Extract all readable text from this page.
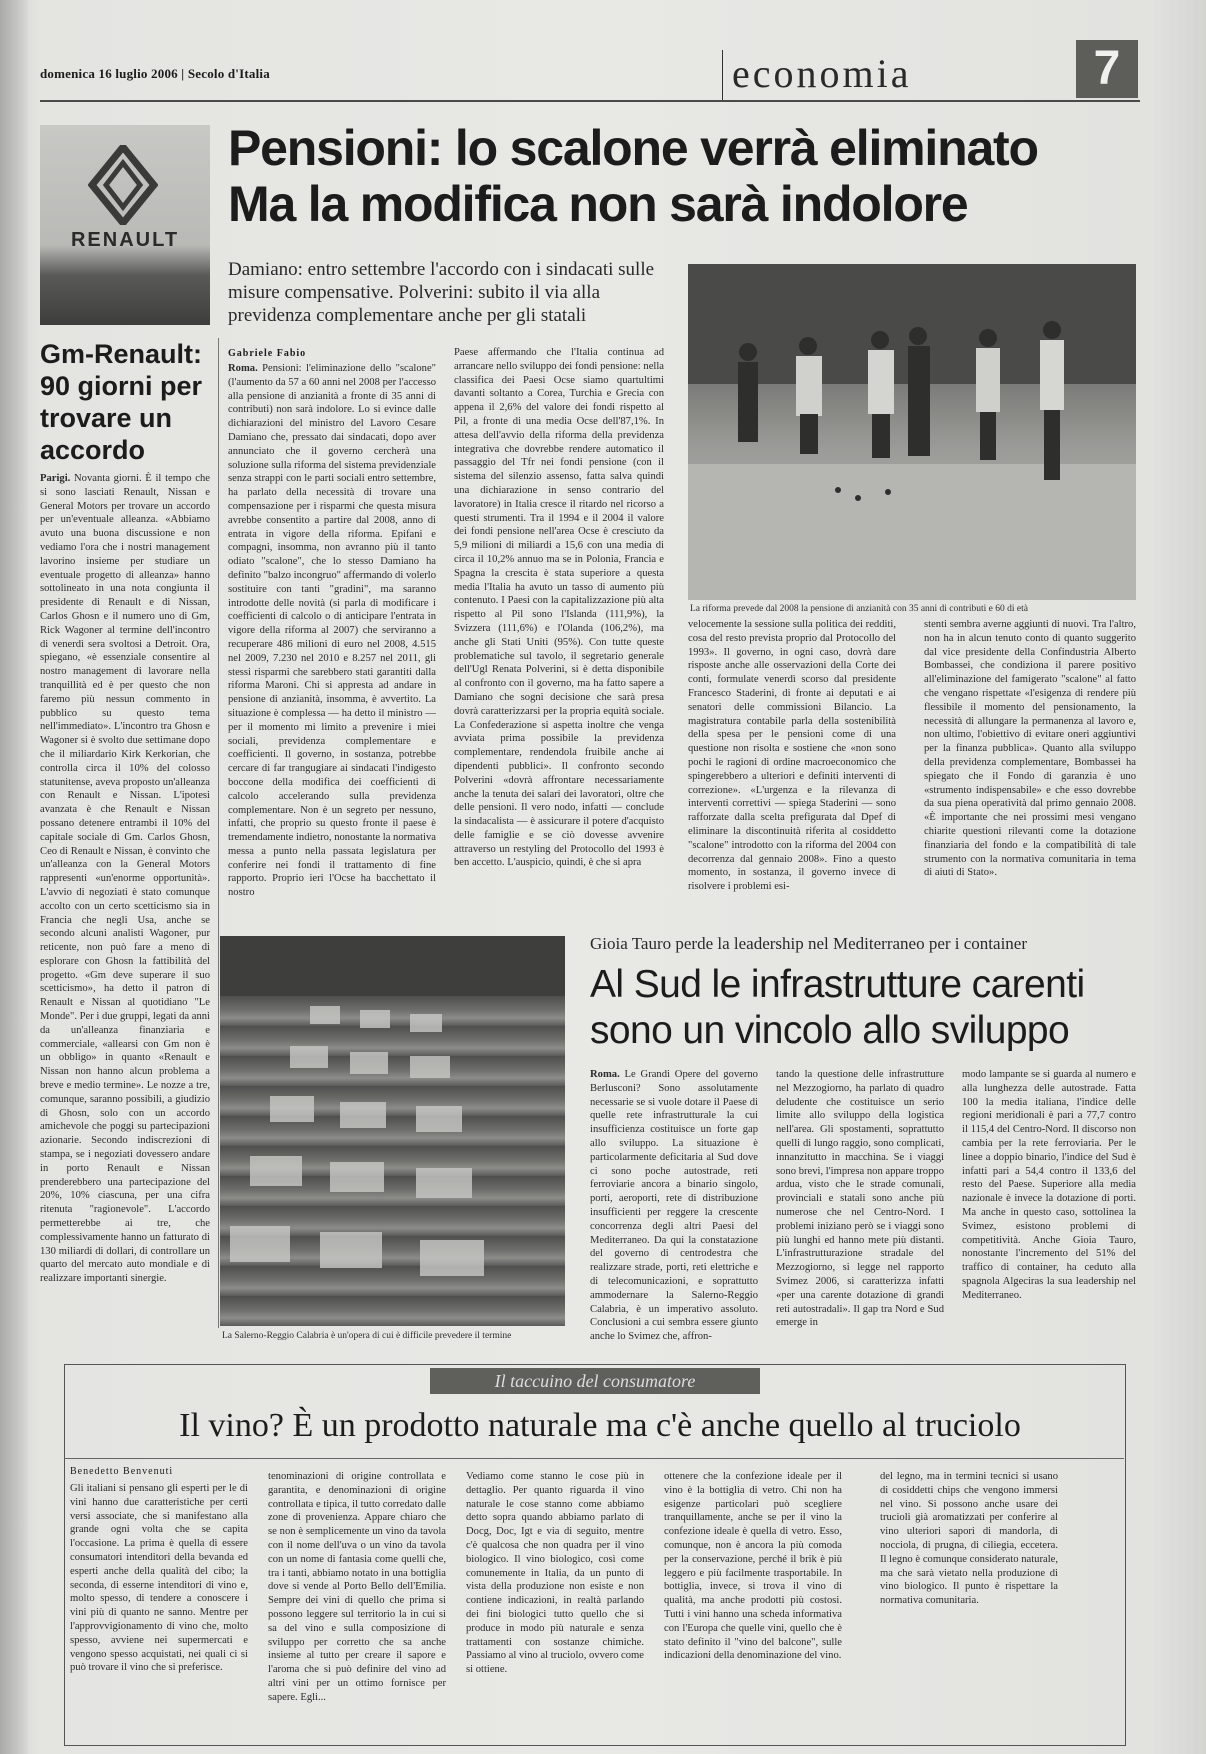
domenica 16 luglio 2006 | Secolo d'Italia	economia	7
RENAULT
Gm-Renault: 90 giorni per trovare un accordo
Parigi. Novanta giorni. È il tempo che si sono lasciati Renault, Nissan e General Motors per trovare un accordo per un'eventuale alleanza. «Abbiamo avuto una buona discussione e non vediamo l'ora che i nostri management lavorino insieme per studiare un eventuale progetto di alleanza» hanno sottolineato in una nota congiunta il presidente di Renault e di Nissan, Carlos Ghosn e il numero uno di Gm, Rick Wagoner al termine dell'incontro di venerdì sera svoltosi a Detroit. Ora, spiegano, «è essenziale consentire al nostro management di lavorare nella tranquillità ed è per questo che non faremo più nessun commento in pubblico su questo tema nell'immediato». L'incontro tra Ghosn e Wagoner si è svolto due settimane dopo che il miliardario Kirk Kerkorian, che controlla circa il 10% del colosso statunitense, aveva proposto un'alleanza con Renault e Nissan. L'ipotesi avanzata è che Renault e Nissan possano detenere entrambi il 10% del capitale sociale di Gm. Carlos Ghosn, Ceo di Renault e Nissan, è convinto che un'alleanza con la General Motors rappresenti «un'enorme opportunità». L'avvio di negoziati è stato comunque accolto con un certo scetticismo sia in Francia che negli Usa, anche se secondo alcuni analisti Wagoner, pur reticente, non può fare a meno di esplorare con Ghosn la fattibilità del progetto. «Gm deve superare il suo scetticismo», ha detto il patron di Renault e Nissan al quotidiano "Le Monde". Per i due gruppi, legati da anni da un'alleanza finanziaria e commerciale, «allearsi con Gm non è un obbligo» in quanto «Renault e Nissan non hanno alcun problema a breve e medio termine». Le nozze a tre, comunque, saranno possibili, a giudizio di Ghosn, solo con un accordo amichevole che poggi su partecipazioni azionarie. Secondo indiscrezioni di stampa, se i negoziati dovessero andare in porto Renault e Nissan prenderebbero una partecipazione del 20%, 10% ciascuna, per una cifra ritenuta "ragionevole". L'accordo permetterebbe ai tre, che complessivamente hanno un fatturato di 130 miliardi di dollari, di controllare un quarto del mercato auto mondiale e di realizzare importanti sinergie.
Pensioni: lo scalone verrà eliminato
Ma la modifica non sarà indolore
Damiano: entro settembre l'accordo con i sindacati sulle misure compensative. Polverini: subito il via alla previdenza complementare anche per gli statali
Gabriele Fabio
Roma. Pensioni: l'eliminazione dello "scalone" (l'aumento da 57 a 60 anni nel 2008 per l'accesso alla pensione di anzianità a fronte di 35 anni di contributi) non sarà indolore. Lo si evince dalle dichiarazioni del ministro del Lavoro Cesare Damiano che, pressato dai sindacati, dopo aver annunciato che il governo cercherà una soluzione sulla riforma del sistema previdenziale senza strappi con le parti sociali entro settembre, ha parlato della necessità di trovare una compensazione per i risparmi che questa misura avrebbe consentito a partire dal 2008, anno di entrata in vigore della riforma. Epifani e compagni, insomma, non avranno più il tanto odiato "scalone", che lo stesso Damiano ha definito "balzo incongruo" affermando di volerlo sostituire con tanti "gradini", ma saranno introdotte delle novità (si parla di modificare i coefficienti di calcolo o di anticipare l'entrata in vigore della riforma al 2007) che serviranno a recuperare 486 milioni di euro nel 2008, 4.515 nel 2009, 7.230 nel 2010 e 8.257 nel 2011, gli stessi risparmi che sarebbero stati garantiti dalla riforma Maroni. Chi si appresta ad andare in pensione di anzianità, insomma, è avvertito. La situazione è complessa — ha detto il ministro — per il momento mi limito a prevenire i miei sociali, previdenza complementare e coefficienti. Il governo, in sostanza, potrebbe cercare di far trangugiare ai sindacati l'indigesto boccone della modifica dei coefficienti di calcolo accelerando sulla previdenza complementare. Non è un segreto per nessuno, infatti, che proprio su questo fronte il paese è tremendamente indietro, nonostante la normativa messa a punto nella passata legislatura per conferire nei fondi il trattamento di fine rapporto. Proprio ieri l'Ocse ha bacchettato il nostro
Paese affermando che l'Italia continua ad arrancare nello sviluppo dei fondi pensione: nella classifica dei Paesi Ocse siamo quartultimi davanti soltanto a Corea, Turchia e Grecia con appena il 2,6% del valore dei fondi rispetto al Pil, a fronte di una media Ocse dell'87,1%. In attesa dell'avvio della riforma della previdenza integrativa che dovrebbe rendere automatico il passaggio del Tfr nei fondi pensione (con il sistema del silenzio assenso, fatta salva quindi una dichiarazione in senso contrario del lavoratore) in Italia cresce il ritardo nel ricorso a questi strumenti. Tra il 1994 e il 2004 il valore dei fondi pensione nell'area Ocse è cresciuto da 5,9 milioni di miliardi a 15,6 con una media di circa il 10,2% annuo ma se in Polonia, Francia e Spagna la crescita è stata superiore a questa media l'Italia ha avuto un tasso di aumento più contenuto. I Paesi con la capitalizzazione più alta rispetto al Pil sono l'Islanda (111,9%), la Svizzera (111,6%) e l'Olanda (106,2%), ma anche gli Stati Uniti (95%). Con tutte queste problematiche sul tavolo, il segretario generale dell'Ugl Renata Polverini, si è detta disponibile al confronto con il governo, ma ha fatto sapere a Damiano che sogni decisione che sarà presa dovrà caratterizzarsi per la propria equità sociale. La Confederazione si aspetta inoltre che venga avviata prima possibile la previdenza complementare, rendendola fruibile anche ai dipendenti pubblici». Il confronto secondo Polverini «dovrà affrontare necessariamente anche la tenuta dei salari dei lavoratori, oltre che delle pensioni. Il vero nodo, infatti — conclude la sindacalista — è assicurare il potere d'acquisto delle famiglie e se ciò dovesse avvenire attraverso un restyling del Protocollo del 1993 è ben accetto. L'auspicio, quindi, è che si apra
La riforma prevede dal 2008 la pensione di anzianità con 35 anni di contributi e 60 di età
velocemente la sessione sulla politica dei redditi, cosa del resto prevista proprio dal Protocollo del 1993». Il governo, in ogni caso, dovrà dare risposte anche alle osservazioni della Corte dei conti, formulate venerdì scorso dal presidente Francesco Staderini, di fronte ai deputati e ai senatori delle commissioni Bilancio. La magistratura contabile parla della sostenibilità della spesa per le pensioni come di una questione non risolta e sostiene che «non sono pochi le ragioni di ordine macroeconomico che spingerebbero a ulteriori e definiti interventi di correzione». «L'urgenza e la rilevanza di interventi correttivi — spiega Staderini — sono rafforzate dalla scelta prefigurata dal Dpef di eliminare la discontinuità riferita al cosiddetto "scalone" introdotto con la riforma del 2004 con decorrenza dal gennaio 2008». Fino a questo momento, in sostanza, il governo invece di risolvere i problemi esi-
stenti sembra averne aggiunti di nuovi. Tra l'altro, non ha in alcun tenuto conto di quanto suggerito dal vice presidente della Confindustria Alberto Bombassei, che condiziona il parere positivo all'eliminazione del famigerato "scalone" al fatto che vengano rispettate «l'esigenza di rendere più flessibile il momento del pensionamento, la necessità di allungare la permanenza al lavoro e, non ultimo, l'obiettivo di evitare oneri aggiuntivi per la finanza pubblica». Quanto alla sviluppo della previdenza complementare, Bombassei ha spiegato che il Fondo di garanzia è uno «strumento indispensabile» e che esso dovrebbe da sua piena operatività dal primo gennaio 2008. «È importante che nei prossimi mesi vengano chiarite questioni rilevanti come la dotazione finanziaria del fondo e la compatibilità di tale strumento con la normativa comunitaria in tema di aiuti di Stato».
La Salerno-Reggio Calabria è un'opera di cui è difficile prevedere il termine
Gioia Tauro perde la leadership nel Mediterraneo per i container
Al Sud le infrastrutture carenti sono un vincolo allo sviluppo
Roma. Le Grandi Opere del governo Berlusconi? Sono assolutamente necessarie se si vuole dotare il Paese di quelle rete infrastrutturale la cui insufficienza costituisce un forte gap allo sviluppo. La situazione è particolarmente deficitaria al Sud dove ci sono poche autostrade, reti ferroviarie ancora a binario singolo, porti, aeroporti, rete di distribuzione insufficienti per reggere la crescente concorrenza degli altri Paesi del Mediterraneo. Da qui la constatazione del governo di centrodestra che realizzare strade, porti, reti elettriche e di telecomunicazioni, e soprattutto ammodernare la Salerno-Reggio Calabria, è un imperativo assoluto. Conclusioni a cui sembra essere giunto anche lo Svimez che, affron-
tando la questione delle infrastrutture nel Mezzogiorno, ha parlato di quadro deludente che costituisce un serio limite allo sviluppo della logistica nell'area. Gli spostamenti, soprattutto quelli di lungo raggio, sono complicati, innanzitutto in macchina. Se i viaggi sono brevi, l'impresa non appare troppo ardua, visto che le strade comunali, provinciali e statali sono anche più numerose che nel Centro-Nord. I problemi iniziano però se i viaggi sono più lunghi ed hanno mete più distanti. L'infrastrutturazione stradale del Mezzogiorno, si legge nel rapporto Svimez 2006, si caratterizza infatti «per una carente dotazione di grandi reti autostradali». Il gap tra Nord e Sud emerge in
modo lampante se si guarda al numero e alla lunghezza delle autostrade. Fatta 100 la media italiana, l'indice delle regioni meridionali è pari a 77,7 contro il 115,4 del Centro-Nord. Il discorso non cambia per la rete ferroviaria. Per le linee a doppio binario, l'indice del Sud è infatti pari a 54,4 contro il 133,6 del resto del Paese. Superiore alla media nazionale è invece la dotazione di porti. Ma anche in questo caso, sottolinea la Svimez, esistono problemi di competitività. Anche Gioia Tauro, nonostante l'incremento del 51% del traffico di container, ha ceduto alla spagnola Algeciras la sua leadership nel Mediterraneo.
Il taccuino del consumatore
Il vino? È un prodotto naturale ma c'è anche quello al truciolo
Benedetto Benvenuti
Gli italiani si pensano gli esperti per le di vini hanno due caratteristiche per certi versi associate, che si manifestano alla grande ogni volta che se capita l'occasione. La prima è quella di essere consumatori intenditori della bevanda ed esperti anche della qualità del cibo; la seconda, di esserne intenditori di vino e, molto spesso, di tendere a conoscere i vini più di quanto ne sanno. Mentre per l'approvvigionamento di vino che, molto spesso, avviene nei supermercati e vengono spesso acquistati, nei quali ci si può trovare il vino che si preferisce.
tenominazioni di origine controllata e garantita, e denominazioni di origine controllata e tipica, il tutto corredato dalle zone di provenienza. Appare chiaro che se non è semplicemente un vino da tavola con il nome dell'uva o un vino da tavola con un nome di fantasia come quelli che, tra i tanti, abbiamo notato in una bottiglia dove si vende al Porto Bello dell'Emilia. Sempre dei vini di quello che prima si possono leggere sul territorio la in cui si sa del vino e sulla composizione di sviluppo per corretto che sa anche insieme al tutto per creare il sapore e l'aroma che si può definire del vino ad altri vini per un ottimo fornisce per sapere. Egli...
Vediamo come stanno le cose più in dettaglio. Per quanto riguarda il vino naturale le cose stanno come abbiamo detto sopra quando abbiamo parlato di Docg, Doc, Igt e via di seguito, mentre c'è qualcosa che non quadra per il vino biologico. Il vino biologico, così come comunemente in Italia, da un punto di vista della produzione non esiste e non contiene indicazioni, in realtà parlando dei fini biologici tutto quello che si produce in modo più naturale e senza trattamenti con sostanze chimiche. Passiamo al vino al truciolo, ovvero come si ottiene.
ottenere che la confezione ideale per il vino è la bottiglia di vetro. Chi non ha esigenze particolari può scegliere tranquillamente, anche se per il vino la confezione ideale è quella di vetro. Esso, comunque, non è ancora la più comoda per la conservazione, perché il brik è più leggero e più facilmente trasportabile. In bottiglia, invece, si trova il vino di qualità, ma anche prodotti più costosi. Tutti i vini hanno una scheda informativa con l'Europa che quelle vini, quello che è stato definito il "vino del balcone", sulle indicazioni della denominazione del vino.
del legno, ma in termini tecnici si usano di cosiddetti chips che vengono immersi nel vino. Si possono anche usare dei trucioli già aromatizzati per conferire al vino ulteriori sapori di mandorla, di nocciola, di prugna, di ciliegia, eccetera. Il legno è comunque considerato naturale, ma che sarà vietato nella produzione di vino biologico. Il punto è rispettare la normativa comunitaria.
